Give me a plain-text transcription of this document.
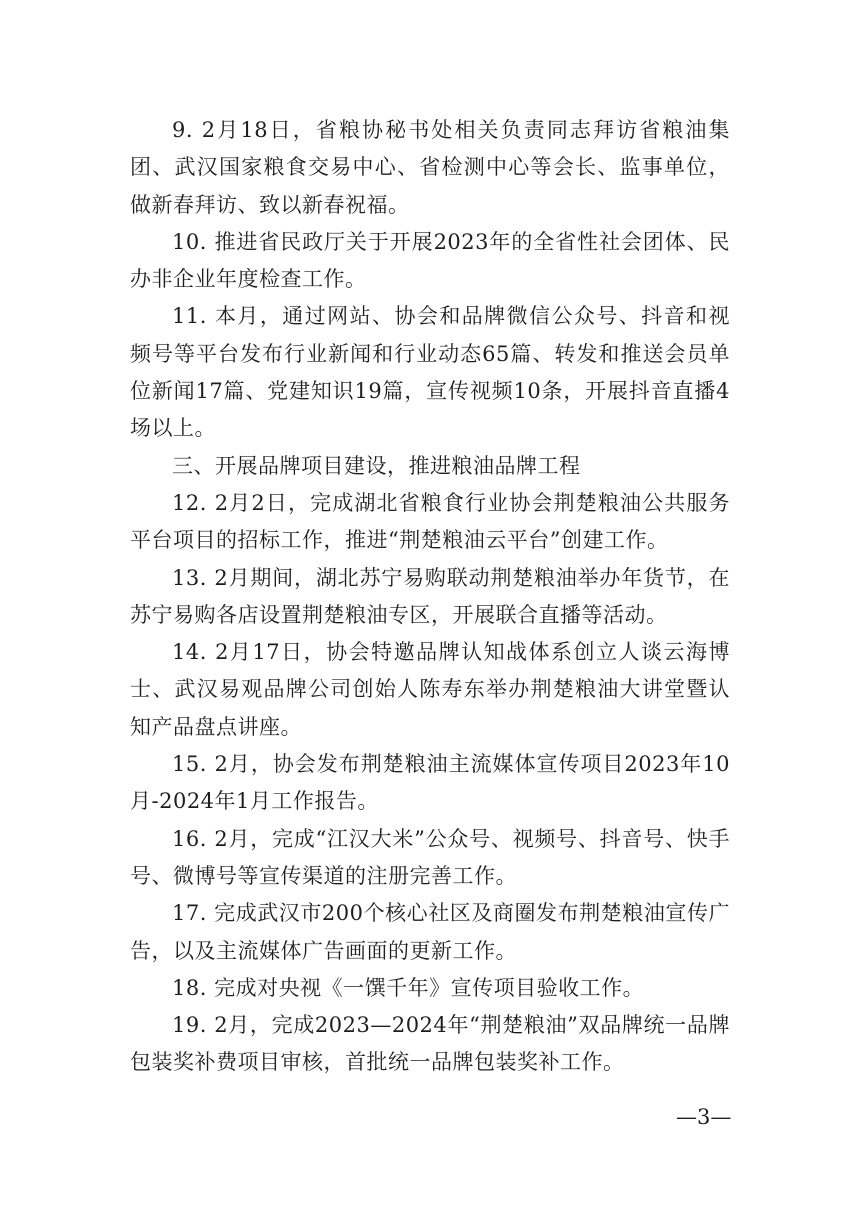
9. 2月18日，省粮协秘书处相关负责同志拜访省粮油集团、武汉国家粮食交易中心、省检测中心等会长、监事单位，做新春拜访、致以新春祝福。

10. 推进省民政厅关于开展2023年的全省性社会团体、民办非企业年度检查工作。

11. 本月，通过网站、协会和品牌微信公众号、抖音和视频号等平台发布行业新闻和行业动态65篇、转发和推送会员单位新闻17篇、党建知识19篇，宣传视频10条，开展抖音直播4场以上。

三、开展品牌项目建设，推进粮油品牌工程

12. 2月2日，完成湖北省粮食行业协会荆楚粮油公共服务平台项目的招标工作，推进“荆楚粮油云平台”创建工作。

13. 2月期间，湖北苏宁易购联动荆楚粮油举办年货节，在苏宁易购各店设置荆楚粮油专区，开展联合直播等活动。

14. 2月17日，协会特邀品牌认知战体系创立人谈云海博士、武汉易观品牌公司创始人陈寿东举办荆楚粮油大讲堂暨认知产品盘点讲座。

15. 2月，协会发布荆楚粮油主流媒体宣传项目2023年10月-2024年1月工作报告。

16. 2月，完成“江汉大米”公众号、视频号、抖音号、快手号、微博号等宣传渠道的注册完善工作。

17. 完成武汉市200个核心社区及商圈发布荆楚粮油宣传广告，以及主流媒体广告画面的更新工作。

18. 完成对央视《一馔千年》宣传项目验收工作。

19. 2月，完成2023—2024年“荆楚粮油”双品牌统一品牌包装奖补费项目审核，首批统一品牌包装奖补工作。

—3—
